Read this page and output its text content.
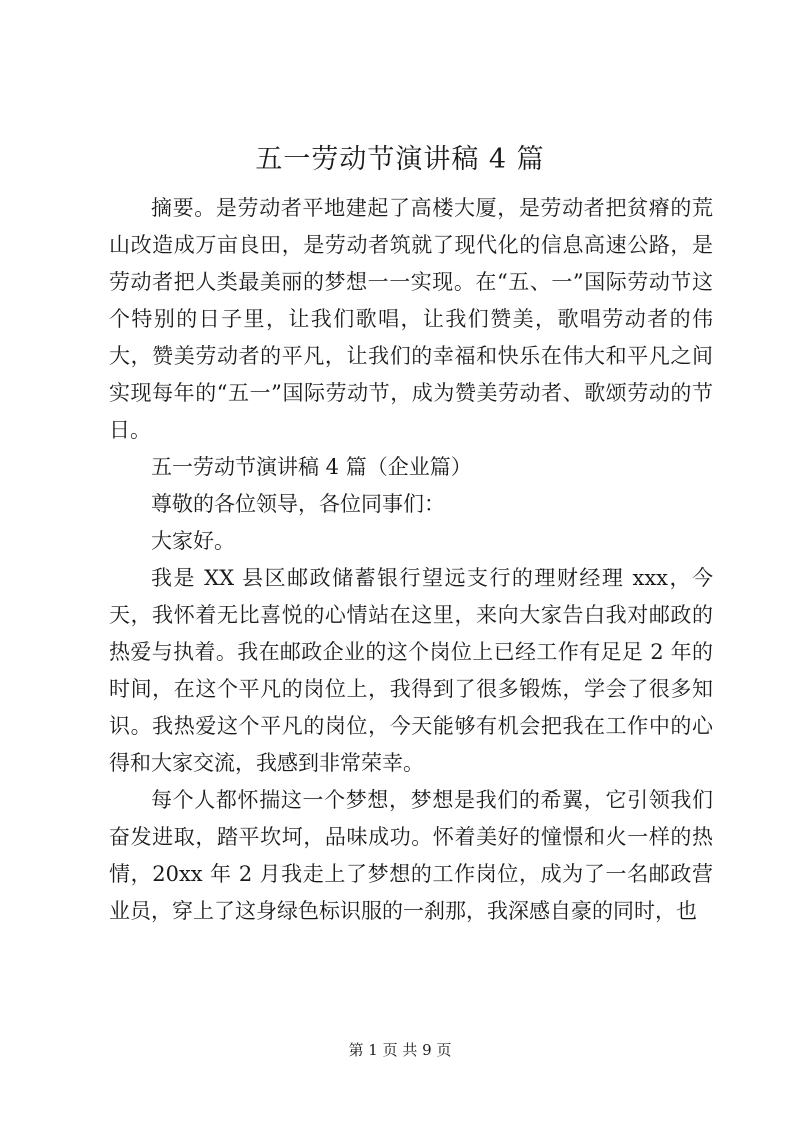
五一劳动节演讲稿 4 篇

摘要。是劳动者平地建起了高楼大厦，是劳动者把贫瘠的荒山改造成万亩良田，是劳动者筑就了现代化的信息高速公路，是劳动者把人类最美丽的梦想一一实现。在“五、一”国际劳动节这个特别的日子里，让我们歌唱，让我们赞美，歌唱劳动者的伟大，赞美劳动者的平凡，让我们的幸福和快乐在伟大和平凡之间实现每年的“五一”国际劳动节，成为赞美劳动者、歌颂劳动的节日。

五一劳动节演讲稿 4 篇（企业篇）

尊敬的各位领导，各位同事们：

大家好。

我是 XX 县区邮政储蓄银行望远支行的理财经理 xxx，今天，我怀着无比喜悦的心情站在这里，来向大家告白我对邮政的热爱与执着。我在邮政企业的这个岗位上已经工作有足足 2 年的时间，在这个平凡的岗位上，我得到了很多锻炼，学会了很多知识。我热爱这个平凡的岗位，今天能够有机会把我在工作中的心得和大家交流，我感到非常荣幸。

每个人都怀揣这一个梦想，梦想是我们的希翼，它引领我们奋发进取，踏平坎坷，品味成功。怀着美好的憧憬和火一样的热情，20xx 年 2 月我走上了梦想的工作岗位，成为了一名邮政营业员，穿上了这身绿色标识服的一刹那，我深感自豪的同时，也

第 1 页 共 9 页
